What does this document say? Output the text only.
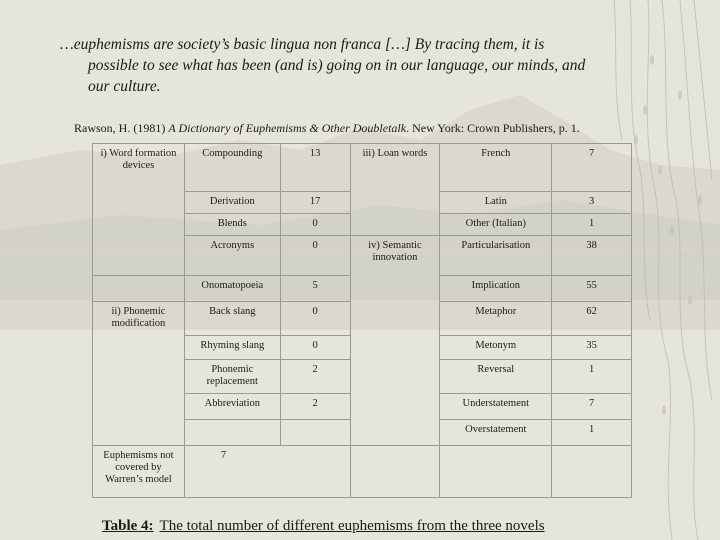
…euphemisms are society’s basic lingua non franca […] By tracing them, it is
possible to see what has been (and is) going on in our language, our minds, and
our culture.
Rawson, H. (1981) A Dictionary of Euphemisms & Other Doubletalk. New York: Crown Publishers, p. 1.
i) Word formation devices	Compounding	13	iii) Loan words	French	7
	Derivation	17		Latin	3
	Blends	0		Other (Italian)	1
	Acronyms	0	iv) Semantic innovation	Particularisation	38
	Onomatopoeia	5		Implication	55
ii) Phonemic modification	Back slang	0		Metaphor	62
	Rhyming slang	0		Metonym	35
	Phonemic replacement	2		Reversal	1
	Abbreviation	2		Understatement	7
				Overstatement	1
Euphemisms not covered by Warren’s model	7				
Table 4: The total number of different euphemisms from the three novels
